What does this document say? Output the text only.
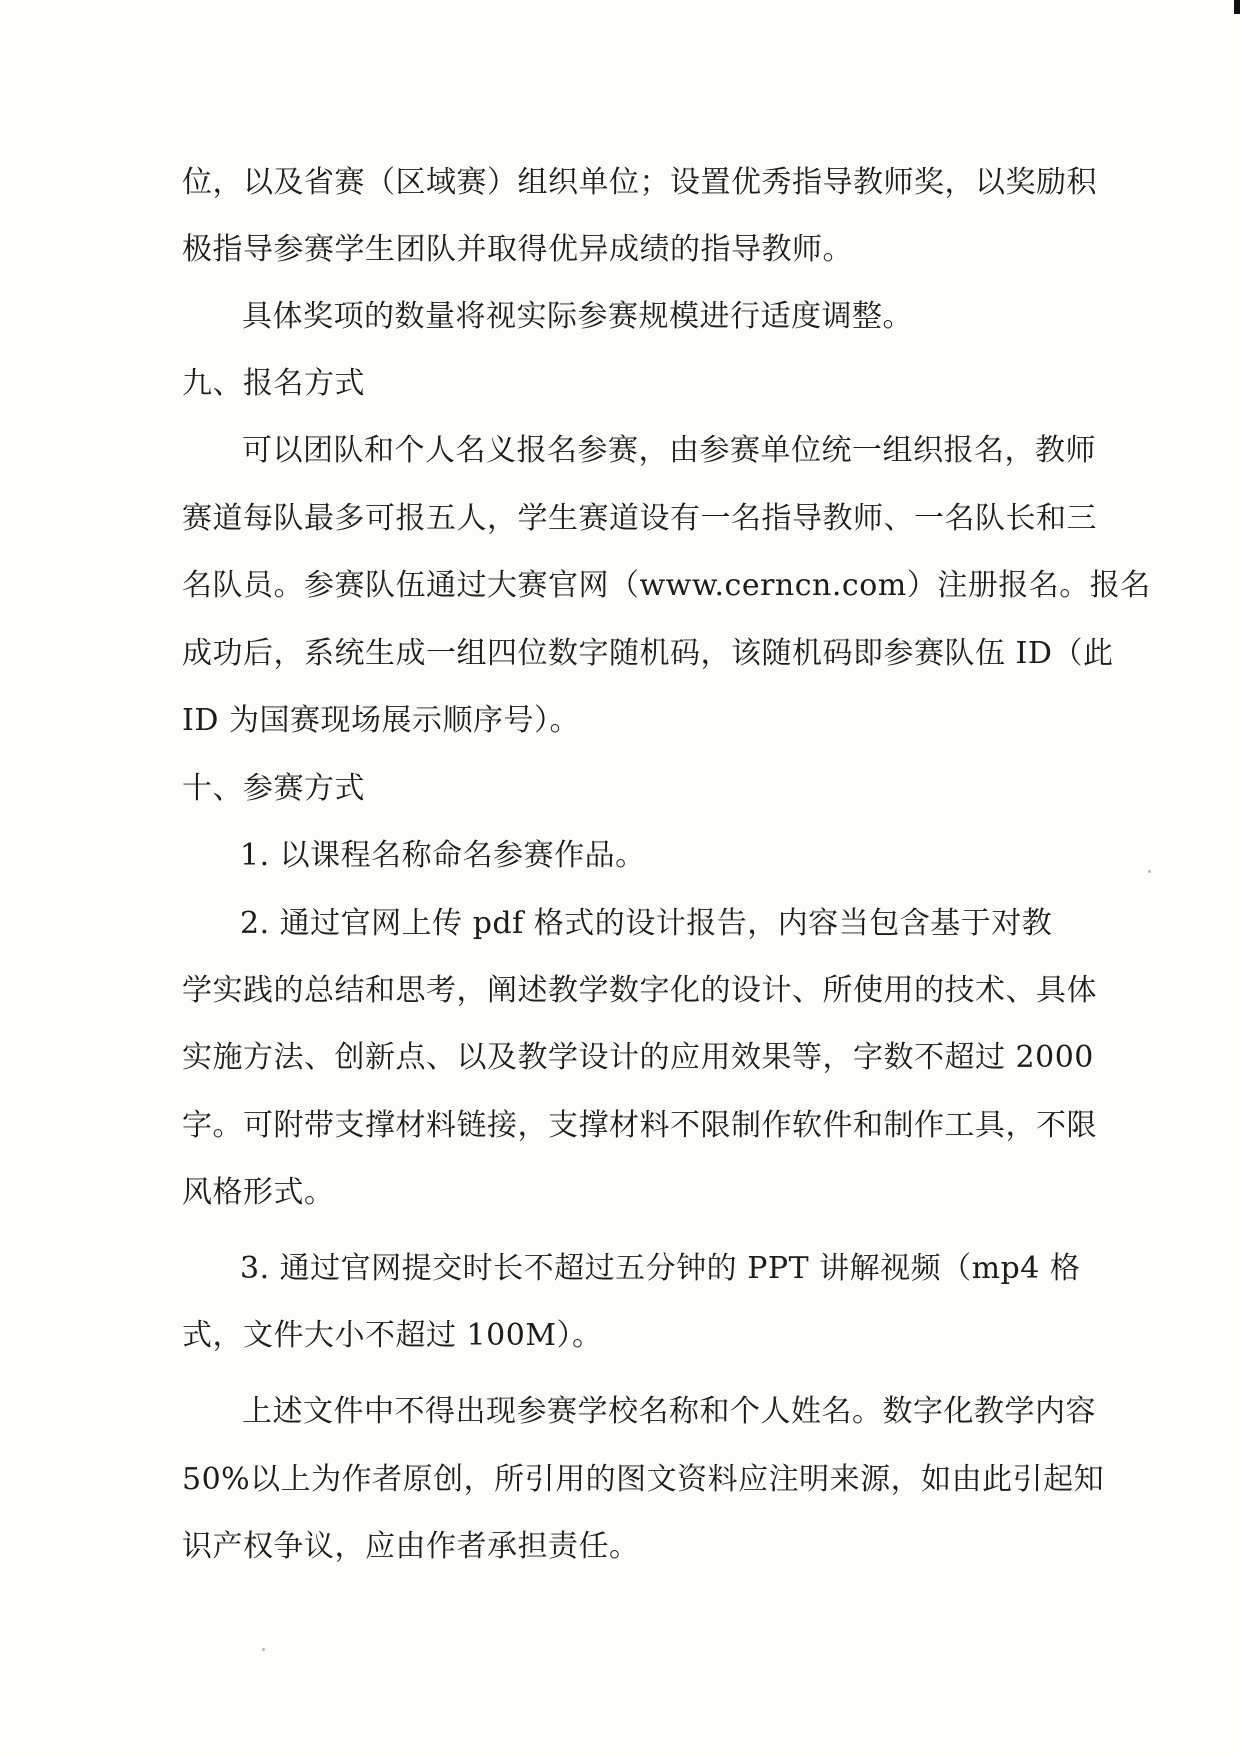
位，以及省赛（区域赛）组织单位；设置优秀指导教师奖，以奖励积
极指导参赛学生团队并取得优异成绩的指导教师。
具体奖项的数量将视实际参赛规模进行适度调整。
九、报名方式
可以团队和个人名义报名参赛，由参赛单位统一组织报名，教师
赛道每队最多可报五人，学生赛道设有一名指导教师、一名队长和三
名队员。参赛队伍通过大赛官网（www.cerncn.com）注册报名。报名
成功后，系统生成一组四位数字随机码，该随机码即参赛队伍 ID（此
ID 为国赛现场展示顺序号）。
十、参赛方式
1. 以课程名称命名参赛作品。
2. 通过官网上传 pdf 格式的设计报告，内容当包含基于对教
学实践的总结和思考，阐述教学数字化的设计、所使用的技术、具体
实施方法、创新点、以及教学设计的应用效果等，字数不超过 2000
字。可附带支撑材料链接，支撑材料不限制作软件和制作工具，不限
风格形式。
3. 通过官网提交时长不超过五分钟的 PPT 讲解视频（mp4 格
式，文件大小不超过 100M）。
上述文件中不得出现参赛学校名称和个人姓名。数字化教学内容
50%以上为作者原创，所引用的图文资料应注明来源，如由此引起知
识产权争议，应由作者承担责任。
